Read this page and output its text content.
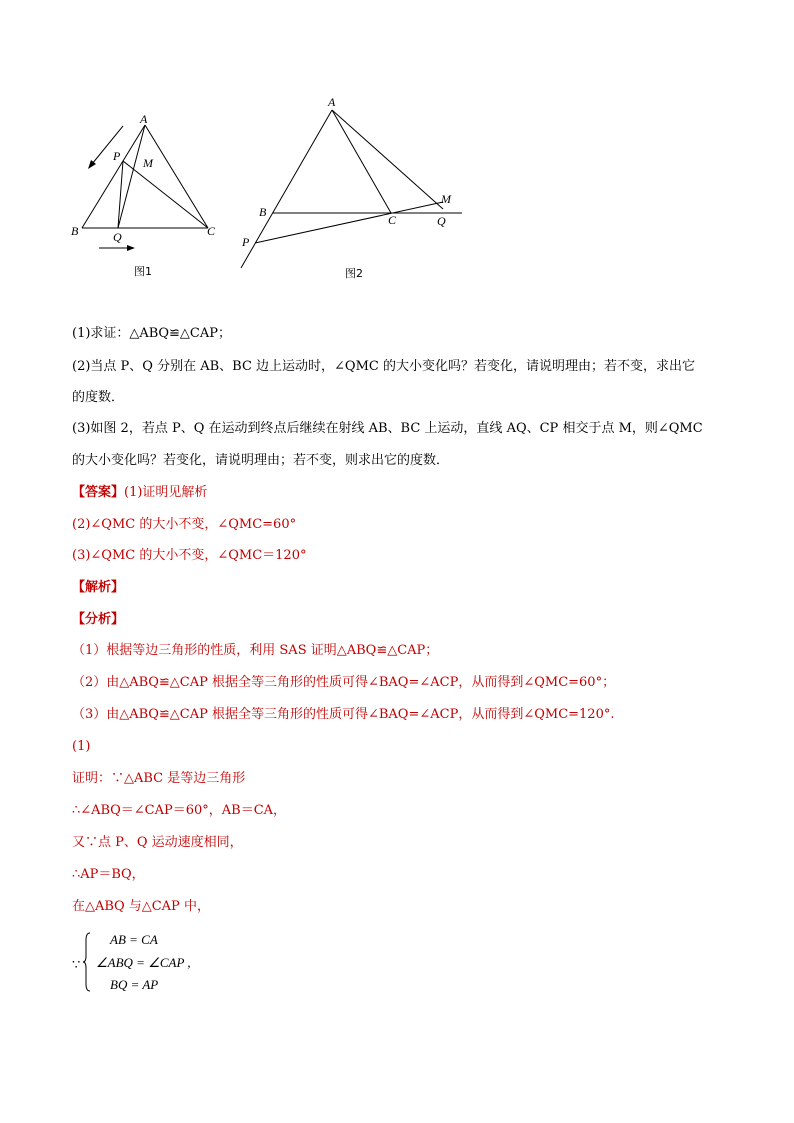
A
P M
B	Q	C
图1
A
B
C
M
Q
P
图2
(1)求证：△ABQ≌△CAP；
(2)当点 P、Q 分别在 AB、BC 边上运动时，∠QMC 的大小变化吗？若变化，请说明理由；若不变，求出它
的度数．
(3)如图 2，若点 P、Q 在运动到终点后继续在射线 AB、BC 上运动，直线 AQ、CP 相交于点 M，则∠QMC
的大小变化吗？若变化，请说明理由；若不变，则求出它的度数．
【答案】(1)证明见解析
(2)∠QMC 的大小不变，∠QMC=60°
(3)∠QMC 的大小不变，∠QMC＝120°
【解析】
【分析】
（1）根据等边三角形的性质，利用 SAS 证明△ABQ≌△CAP；
（2）由△ABQ≌△CAP 根据全等三角形的性质可得∠BAQ=∠ACP，从而得到∠QMC=60°；
（3）由△ABQ≌△CAP 根据全等三角形的性质可得∠BAQ=∠ACP，从而得到∠QMC=120°.
(1)
证明：∵△ABC 是等边三角形
∴∠ABQ＝∠CAP＝60°，AB＝CA，
又∵点 P、Q 运动速度相同，
∴AP＝BQ，
在△ABQ 与△CAP 中，
∵
AB = CA
∠ABQ = ∠CAP ,
BQ = AP
